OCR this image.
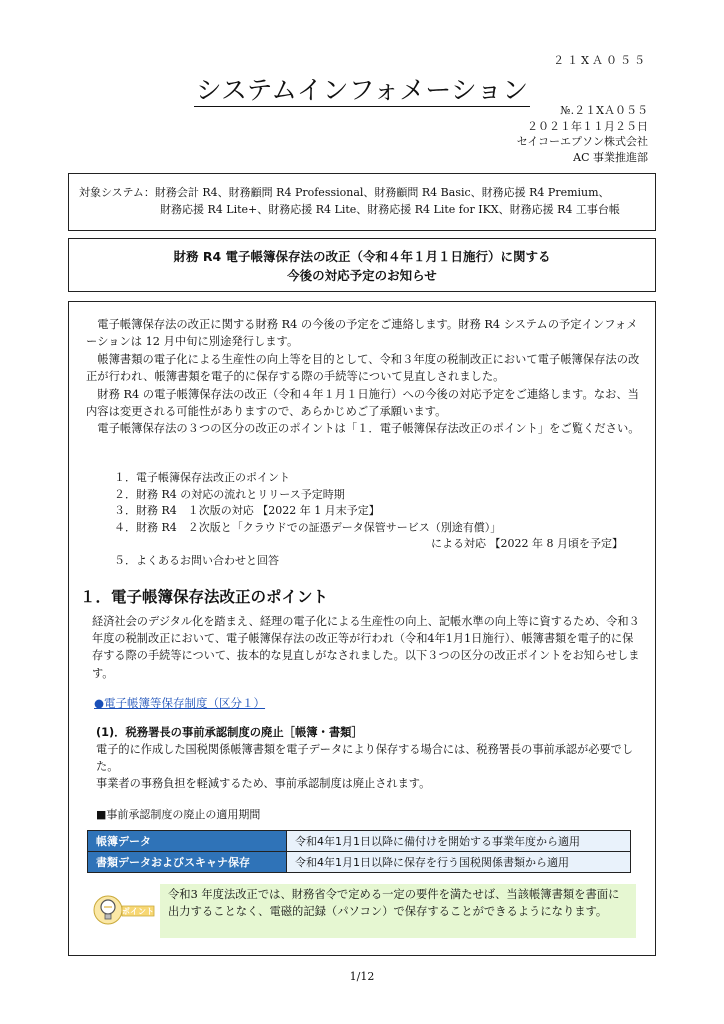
２１XＡ０５５
システムインフォメーション
№.２１XＡ０５５
２０２１年１１月２５日
セイコーエプソン株式会社
AC 事業推進部
対象システム：財務会計 R4、財務顧問 R4 Professional、財務顧問 R4 Basic、財務応援 R4 Premium、
財務応援 R4 Lite+、財務応援 R4 Lite、財務応援 R4 Lite for IKX、財務応援 R4 工事台帳
財務 R4 電子帳簿保存法の改正（令和４年１月１日施行）に関する
今後の対応予定のお知らせ

電子帳簿保存法の改正に関する財務 R4 の今後の予定をご連絡します。財務 R4 システムの予定インフォメーションは 12 月中旬に別途発行します。

帳簿書類の電子化による生産性の向上等を目的として、令和３年度の税制改正において電子帳簿保存法の改正が行われ、帳簿書類を電子的に保存する際の手続等について見直しされました。

財務 R4 の電子帳簿保存法の改正（令和４年１月１日施行）への今後の対応予定をご連絡します。なお、当内容は変更される可能性がありますので、あらかじめご了承願います。

電子帳簿保存法の３つの区分の改正のポイントは「１．電子帳簿保存法改正のポイント」をご覧ください。

１．電子帳簿保存法改正のポイント
２．財務 R4 の対応の流れとリリース予定時期
３．財務 R4　１次版の対応 【2022 年 1 月末予定】
４．財務 R4　２次版と「クラウドでの証憑データ保管サービス（別途有償）」
による対応 【2022 年 8 月頃を予定】
５．よくあるお問い合わせと回答
１．電子帳簿保存法改正のポイント
経済社会のデジタル化を踏まえ、経理の電子化による生産性の向上、記帳水準の向上等に資するため、令和３年度の税制改正において、電子帳簿保存法の改正等が行われ（令和4年1月1日施行）、帳簿書類を電子的に保存する際の手続等について、抜本的な見直しがなされました。以下３つの区分の改正ポイントをお知らせします。
●電子帳簿等保存制度（区分１）
(1)．税務署長の事前承認制度の廃止［帳簿・書類］
電子的に作成した国税関係帳簿書類を電子データにより保存する場合には、税務署長の事前承認が必要でした。
事業者の事務負担を軽減するため、事前承認制度は廃止されます。
■事前承認制度の廃止の適用期間
帳簿データ	令和4年1月1日以降に備付けを開始する事業年度から適用
書類データおよびスキャナ保存	令和4年1月1日以降に保存を行う国税関係書類から適用
ポイント
令和3 年度法改正では、財務省令で定める一定の要件を満たせば、当該帳簿書類を書面に出力することなく、電磁的記録（パソコン）で保存することができるようになります。
1/12
